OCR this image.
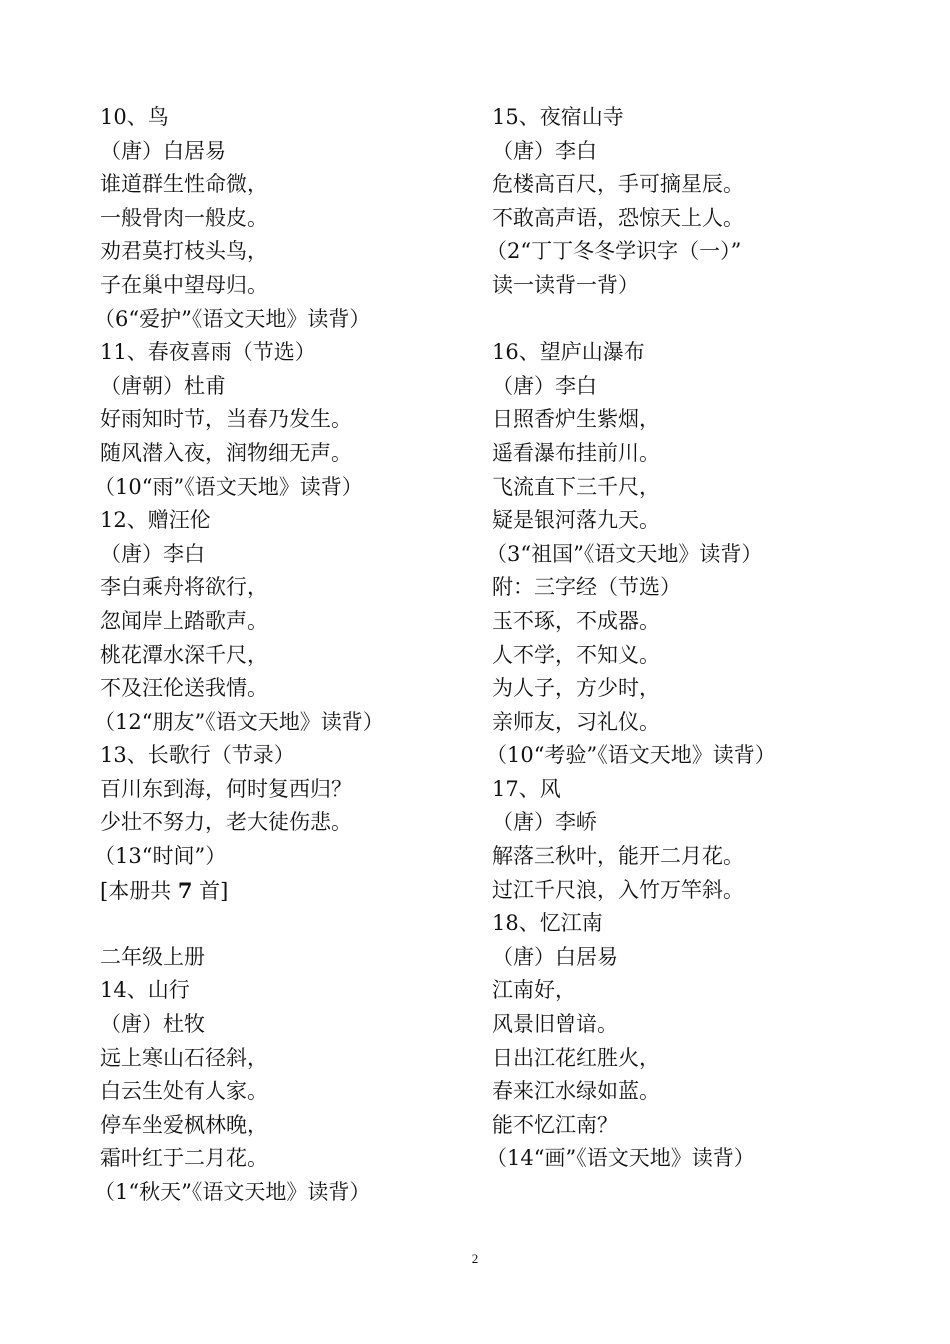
10、鸟
（唐）白居易
谁道群生性命微，
一般骨肉一般皮。
劝君莫打枝头鸟，
子在巢中望母归。
（6“爱护”《语文天地》读背）
11、春夜喜雨（节选）
（唐朝）杜甫
好雨知时节，当春乃发生。
随风潜入夜，润物细无声。
（10“雨”《语文天地》读背）
12、赠汪伦
（唐）李白
李白乘舟将欲行，
忽闻岸上踏歌声。
桃花潭水深千尺，
不及汪伦送我情。
（12“朋友”《语文天地》读背）
13、长歌行（节录）
百川东到海，何时复西归？
少壮不努力，老大徒伤悲。
（13“时间”）
[本册共 7 首]
二年级上册
14、山行
（唐）杜牧
远上寒山石径斜，
白云生处有人家。
停车坐爱枫林晚，
霜叶红于二月花。
（1“秋天”《语文天地》读背）
15、夜宿山寺
（唐）李白
危楼高百尺，手可摘星辰。
不敢高声语，恐惊天上人。
（2“丁丁冬冬学识字（一）”
读一读背一背）
16、望庐山瀑布
（唐）李白
日照香炉生紫烟，
遥看瀑布挂前川。
飞流直下三千尺，
疑是银河落九天。
（3“祖国”《语文天地》读背）
附：三字经（节选）
玉不琢，不成器。
人不学，不知义。
为人子，方少时，
亲师友，习礼仪。
（10“考验”《语文天地》读背）
17、风
（唐）李峤
解落三秋叶，能开二月花。
过江千尺浪，入竹万竿斜。
18、忆江南
（唐）白居易
江南好，
风景旧曾谙。
日出江花红胜火，
春来江水绿如蓝。
能不忆江南？
（14“画”《语文天地》读背）
2
